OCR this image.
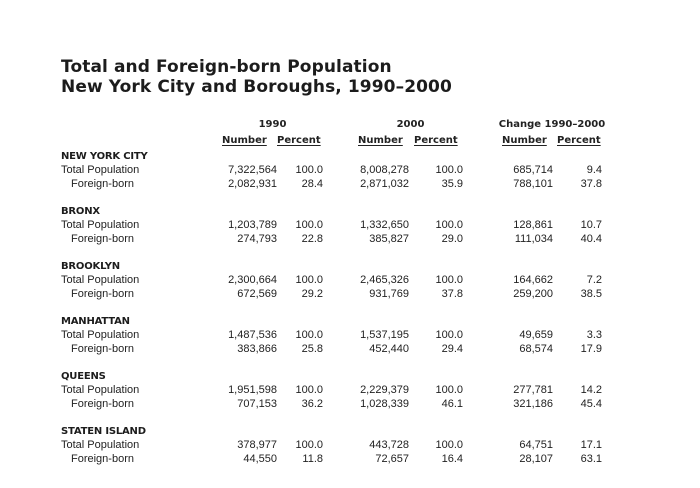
Total and Foreign-born Population
New York City and Boroughs, 1990–2000
1990
Number Percent
2000
Number Percent
Change 1990–2000
Number Percent
NEW YORK CITY
Total Population	7,322,564	100.0	8,008,278	100.0	685,714	9.4
Foreign-born	2,082,931	28.4	2,871,032	35.9	788,101	37.8
BRONX
Total Population	1,203,789	100.0	1,332,650	100.0	128,861	10.7
Foreign-born	274,793	22.8	385,827	29.0	111,034	40.4
BROOKLYN
Total Population	2,300,664	100.0	2,465,326	100.0	164,662	7.2
Foreign-born	672,569	29.2	931,769	37.8	259,200	38.5
MANHATTAN
Total Population	1,487,536	100.0	1,537,195	100.0	49,659	3.3
Foreign-born	383,866	25.8	452,440	29.4	68,574	17.9
QUEENS
Total Population	1,951,598	100.0	2,229,379	100.0	277,781	14.2
Foreign-born	707,153	36.2	1,028,339	46.1	321,186	45.4
STATEN ISLAND
Total Population	378,977	100.0	443,728	100.0	64,751	17.1
Foreign-born	44,550	11.8	72,657	16.4	28,107	63.1
